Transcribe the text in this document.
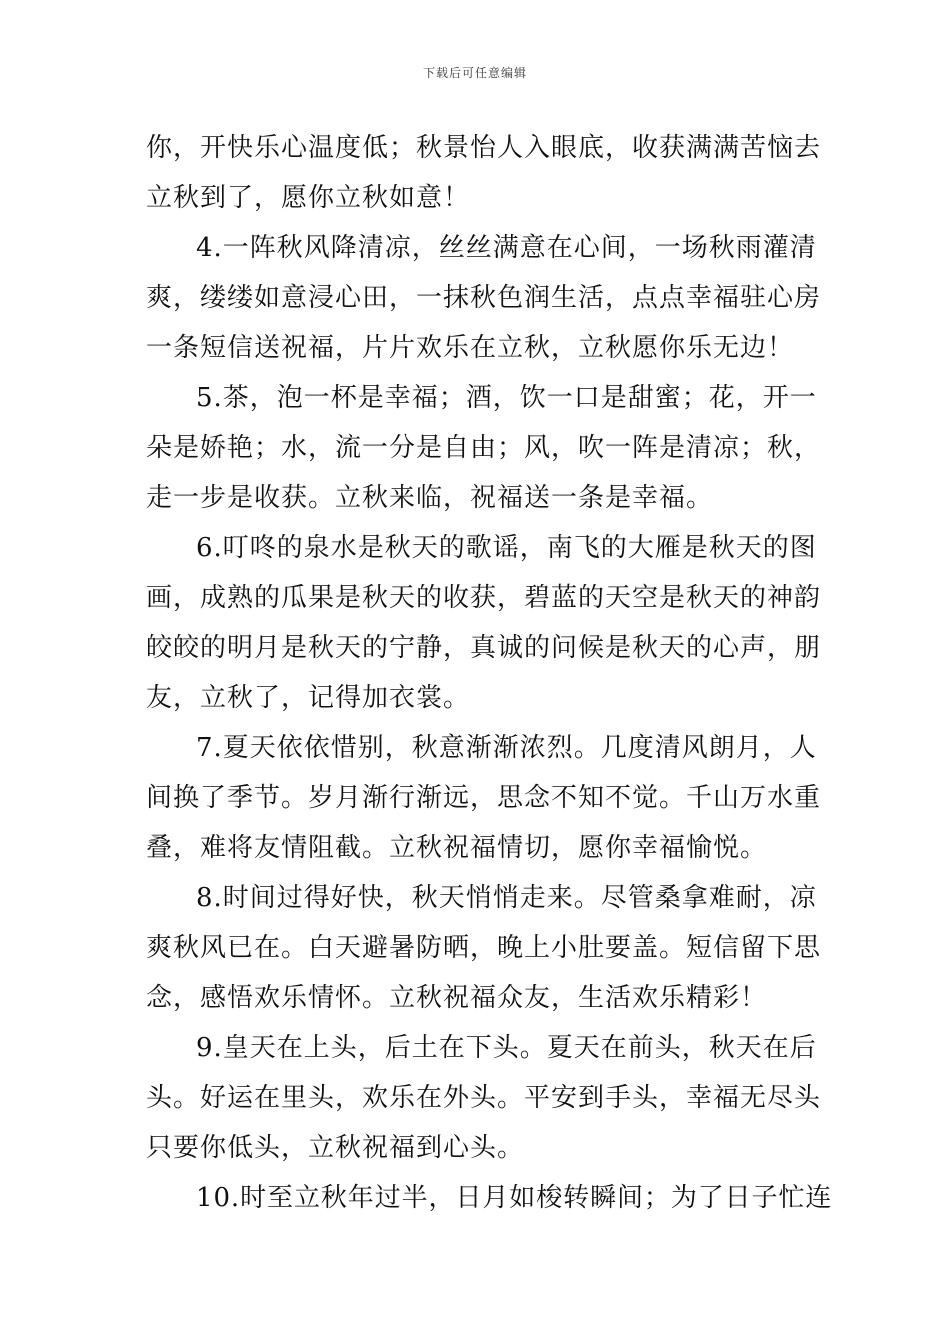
下载后可任意编辑
你，开快乐心温度低；秋景怡人入眼底，收获满满苦恼去
立秋到了，愿你立秋如意！
4.一阵秋风降清凉，丝丝满意在心间，一场秋雨灌清
爽，缕缕如意浸心田，一抹秋色润生活，点点幸福驻心房
一条短信送祝福，片片欢乐在立秋，立秋愿你乐无边！
5.茶，泡一杯是幸福；酒，饮一口是甜蜜；花，开一
朵是娇艳；水，流一分是自由；风，吹一阵是清凉；秋，
走一步是收获。立秋来临，祝福送一条是幸福。
6.叮咚的泉水是秋天的歌谣，南飞的大雁是秋天的图
画，成熟的瓜果是秋天的收获，碧蓝的天空是秋天的神韵
皎皎的明月是秋天的宁静，真诚的问候是秋天的心声，朋
友，立秋了，记得加衣裳。
7.夏天依依惜别，秋意渐渐浓烈。几度清风朗月，人
间换了季节。岁月渐行渐远，思念不知不觉。千山万水重
叠，难将友情阻截。立秋祝福情切，愿你幸福愉悦。
8.时间过得好快，秋天悄悄走来。尽管桑拿难耐，凉
爽秋风已在。白天避暑防晒，晚上小肚要盖。短信留下思
念，感悟欢乐情怀。立秋祝福众友，生活欢乐精彩！
9.皇天在上头，后土在下头。夏天在前头，秋天在后
头。好运在里头，欢乐在外头。平安到手头，幸福无尽头
只要你低头，立秋祝福到心头。
10.时至立秋年过半，日月如梭转瞬间；为了日子忙连
